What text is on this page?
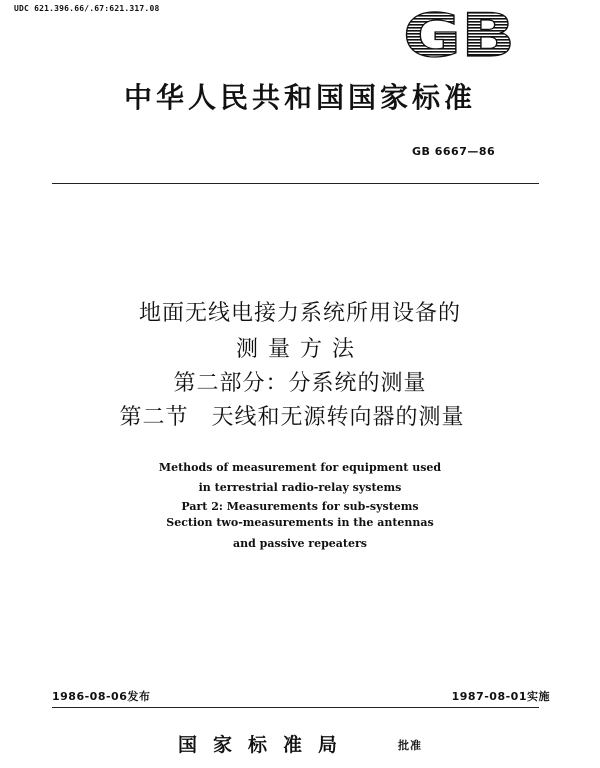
UDC 621.396.66/.67:621.317.08	GB
中华人民共和国国家标准
GB 6667—86
地面无线电接力系统所用设备的
测量方法
第二部分：分系统的测量
第二节　天线和无源转向器的测量
Methods of measurement for equipment used
in terrestrial radio-relay systems
Part 2: Measurements for sub-systems
Section two-measurements in the antennas
and passive repeaters
1986-08-06发布	1987-08-01实施
国家标准局	批准
